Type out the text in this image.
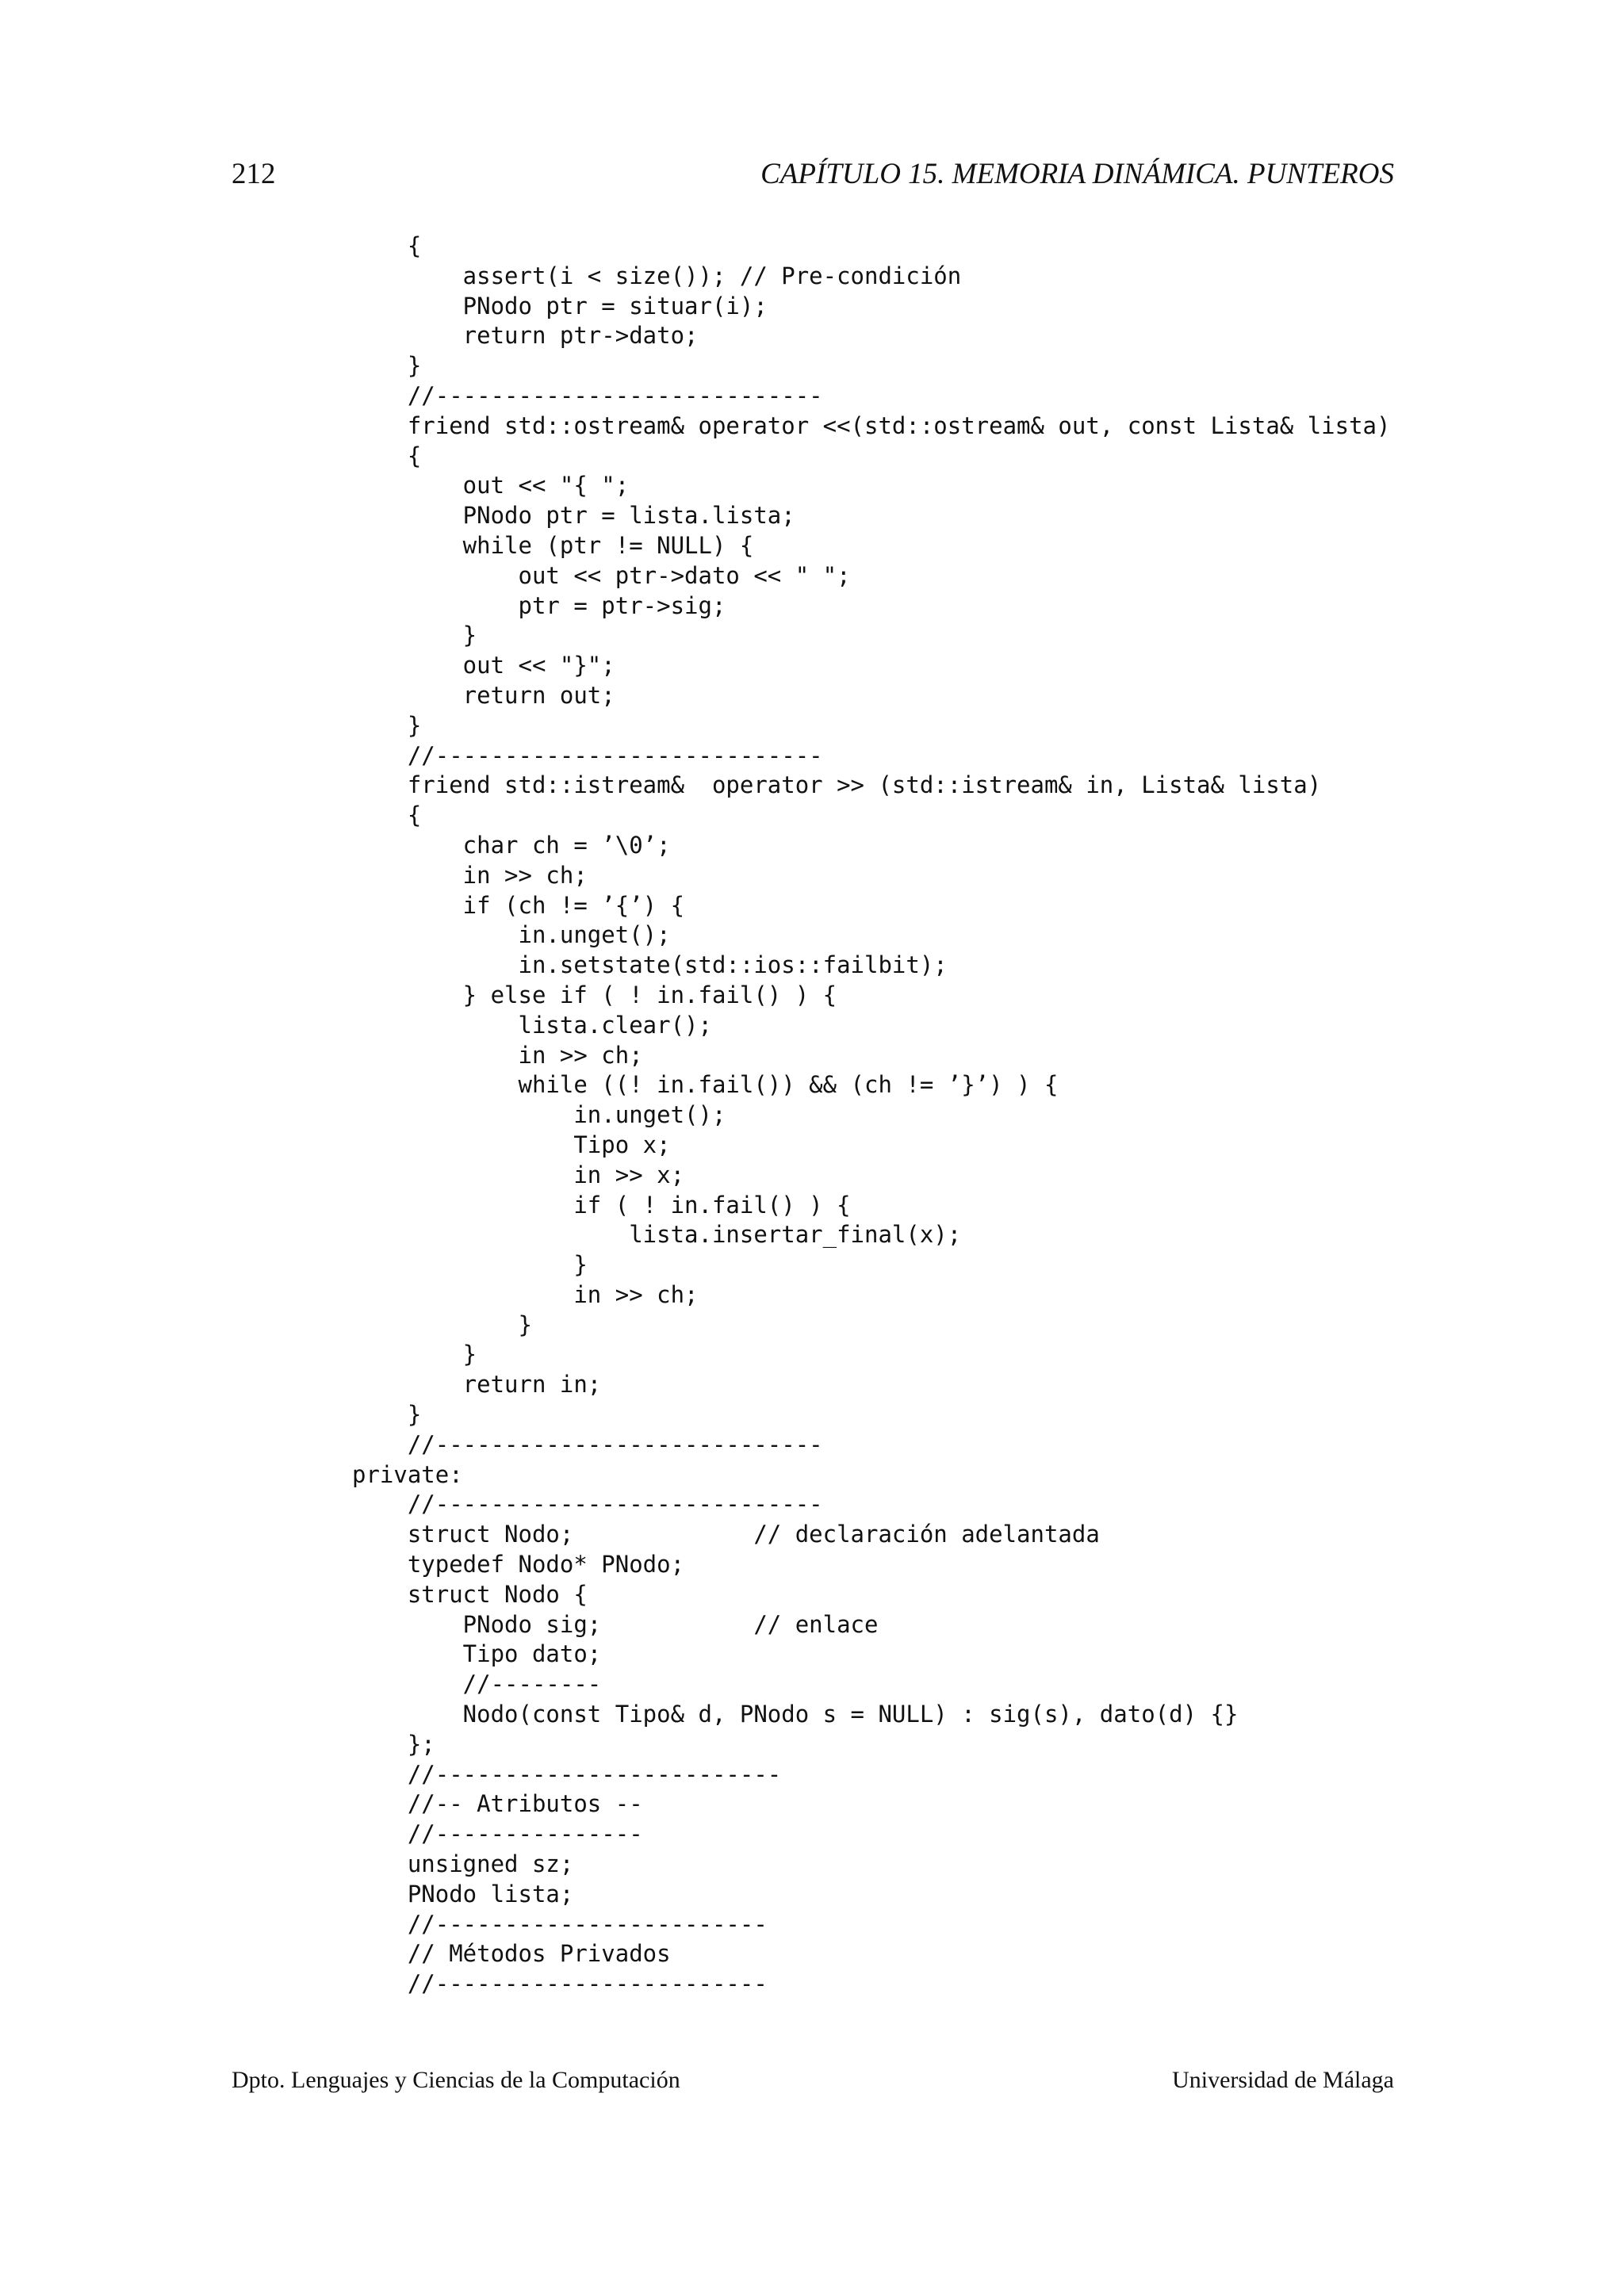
212	CAPÍTULO 15. MEMORIA DINÁMICA. PUNTEROS
{
assert(i < size()); // Pre-condición
PNodo ptr = situar(i);
return ptr->dato;
}
//----------------------------
friend std::ostream& operator <<(std::ostream& out, const Lista& lista)
{
out << "{ ";
PNodo ptr = lista.lista;
while (ptr != NULL) {
out << ptr->dato << " ";
ptr = ptr->sig;
}
out << "}";
return out;
}
//----------------------------
friend std::istream&  operator >> (std::istream& in, Lista& lista)
{
char ch = ’\0’;
in >> ch;
if (ch != ’{’) {
in.unget();
in.setstate(std::ios::failbit);
} else if ( ! in.fail() ) {
lista.clear();
in >> ch;
while ((! in.fail()) && (ch != ’}’) ) {
in.unget();
Tipo x;
in >> x;
if ( ! in.fail() ) {
lista.insertar_final(x);
}
in >> ch;
}
}
return in;
}
//----------------------------
private:
//----------------------------
struct Nodo;             // declaración adelantada
typedef Nodo* PNodo;
struct Nodo {
PNodo sig;           // enlace
Tipo dato;
//--------
Nodo(const Tipo& d, PNodo s = NULL) : sig(s), dato(d) {}
};
//-------------------------
//-- Atributos --
//---------------
unsigned sz;
PNodo lista;
//------------------------
// Métodos Privados
//------------------------
Dpto. Lenguajes y Ciencias de la Computación	Universidad de Málaga
